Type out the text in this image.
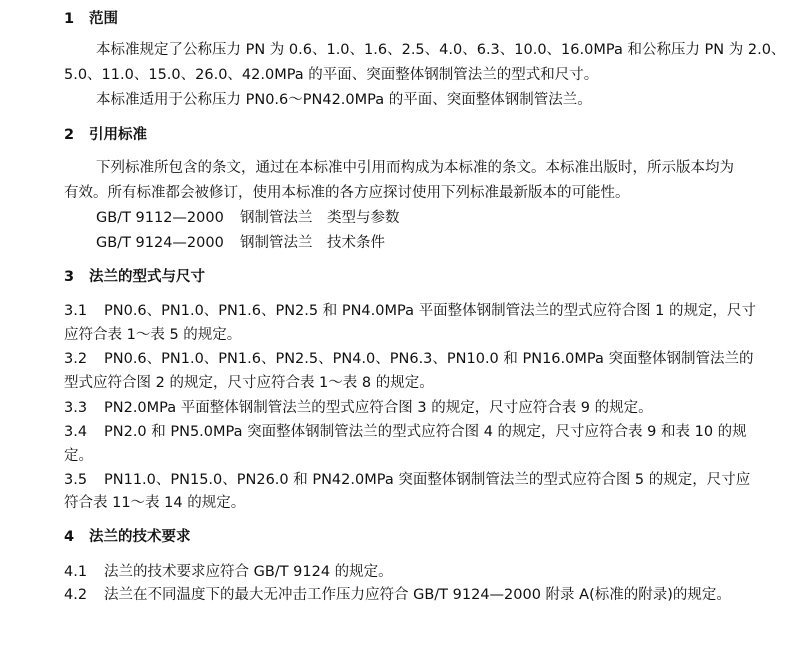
1 范围
本标准规定了公称压力 PN 为 0.6、1.0、1.6、2.5、4.0、6.3、10.0、16.0MPa 和公称压力 PN 为 2.0、
5.0、11.0、15.0、26.0、42.0MPa 的平面、突面整体钢制管法兰的型式和尺寸。
本标准适用于公称压力 PN0.6～PN42.0MPa 的平面、突面整体钢制管法兰。
2 引用标准
下列标准所包含的条文，通过在本标准中引用而构成为本标准的条文。本标准出版时，所示版本均为
有效。所有标准都会被修订，使用本标准的各方应探讨使用下列标准最新版本的可能性。
GB/T 9112—2000 钢制管法兰　类型与参数
GB/T 9124—2000 钢制管法兰　技术条件
3 法兰的型式与尺寸
3.1 PN0.6、PN1.0、PN1.6、PN2.5 和 PN4.0MPa 平面整体钢制管法兰的型式应符合图 1 的规定，尺寸
应符合表 1～表 5 的规定。
3.2 PN0.6、PN1.0、PN1.6、PN2.5、PN4.0、PN6.3、PN10.0 和 PN16.0MPa 突面整体钢制管法兰的
型式应符合图 2 的规定，尺寸应符合表 1～表 8 的规定。
3.3 PN2.0MPa 平面整体钢制管法兰的型式应符合图 3 的规定，尺寸应符合表 9 的规定。
3.4 PN2.0 和 PN5.0MPa 突面整体钢制管法兰的型式应符合图 4 的规定，尺寸应符合表 9 和表 10 的规
定。
3.5 PN11.0、PN15.0、PN26.0 和 PN42.0MPa 突面整体钢制管法兰的型式应符合图 5 的规定，尺寸应
符合表 11～表 14 的规定。
4 法兰的技术要求
4.1 法兰的技术要求应符合 GB/T 9124 的规定。
4.2 法兰在不同温度下的最大无冲击工作压力应符合 GB/T 9124—2000 附录 A(标准的附录)的规定。
